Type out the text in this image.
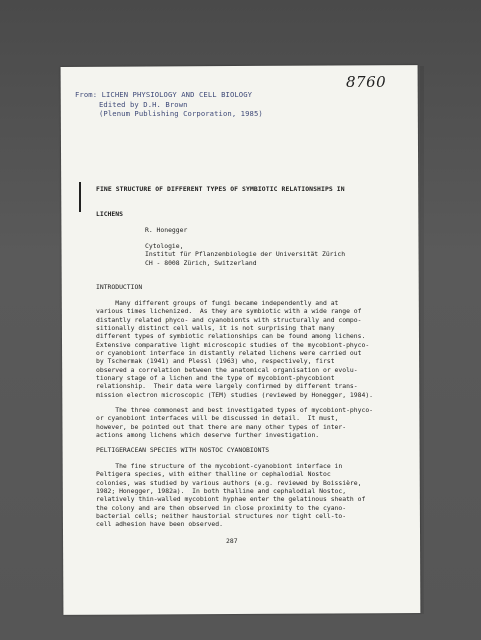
From: LICHEN PHYSIOLOGY AND CELL BIOLOGY
Edited by D.H. Brown
(Plenum Publishing Corporation, 1985)
8760
FINE STRUCTURE OF DIFFERENT TYPES OF SYMBIOTIC RELATIONSHIPS IN
LICHENS
R. Honegger
Cytologie,
Institut für Pflanzenbiologie der Universität Zürich
CH - 8008 Zürich, Switzerland
INTRODUCTION
Many different groups of fungi became independently and at
various times lichenized.  As they are symbiotic with a wide range of
distantly related phyco- and cyanobionts with structurally and compo-
sitionally distinct cell walls, it is not surprising that many
different types of symbiotic relationships can be found among lichens.
Extensive comparative light microscopic studies of the mycobiont-phyco-
or cyanobiont interface in distantly related lichens were carried out
by Tschermak (1941) and Plessl (1963) who, respectively, first
observed a correlation between the anatomical organisation or evolu-
tionary stage of a lichen and the type of mycobiont-phycobiont
relationship.  Their data were largely confirmed by different trans-
mission electron microscopic (TEM) studies (reviewed by Honegger, 1984).
The three commonest and best investigated types of mycobiont-phyco-
or cyanobiont interfaces will be discussed in detail.  It must,
however, be pointed out that there are many other types of inter-
actions among lichens which deserve further investigation.
PELTIGERACEAN SPECIES WITH NOSTOC CYANOBIONTS
The fine structure of the mycobiont-cyanobiont interface in
Peltigera species, with either thalline or cephalodial Nostoc
colonies, was studied by various authors (e.g. reviewed by Boissière,
1982; Honegger, 1982a).  In both thalline and cephalodial Nostoc,
relatively thin-walled mycobiont hyphae enter the gelatinous sheath of
the colony and are then observed in close proximity to the cyano-
bacterial cells; neither haustorial structures nor tight cell-to-
cell adhesion have been observed.
287
